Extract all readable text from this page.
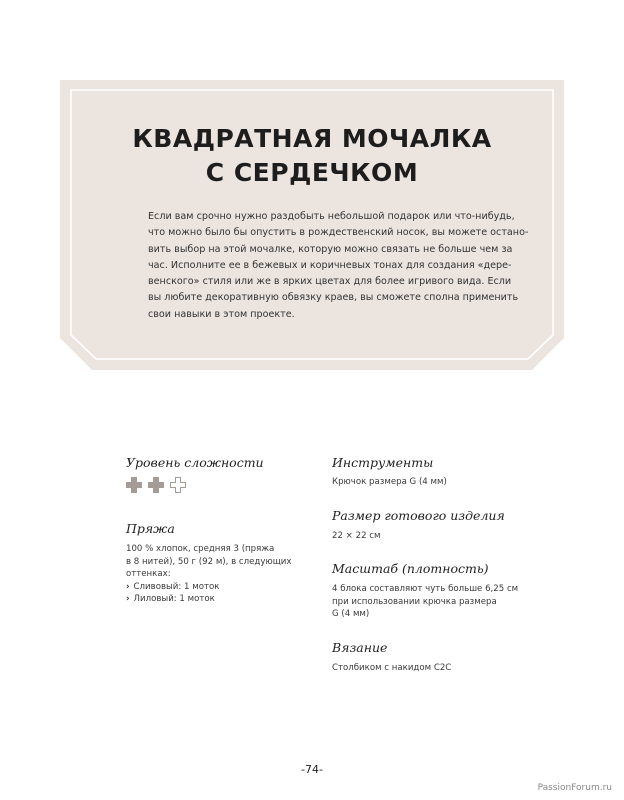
КВАДРАТНАЯ МОЧАЛКА
С СЕРДЕЧКОМ
Если вам срочно нужно раздобыть небольшой подарок или что-нибудь,
что можно было бы опустить в рождественский носок, вы можете остано-
вить выбор на этой мочалке, которую можно связать не больше чем за
час. Исполните ее в бежевых и коричневых тонах для создания «дере-
венского» стиля или же в ярких цветах для более игривого вида. Если
вы любите декоративную обвязку краев, вы сможете сполна применить
свои навыки в этом проекте.
Уровень сложности
Пряжа
100 % хлопок, средняя 3 (пряжа
в 8 нитей), 50 г (92 м), в следующих
оттенках:
› Сливовый: 1 моток
› Лиловый: 1 моток
Инструменты
Крючок размера G (4 мм)
Размер готового изделия
22 × 22 см
Масштаб (плотность)
4 блока составляют чуть больше 6,25 см
при использовании крючка размера
G (4 мм)
Вязание
Столбиком с накидом С2С
-74-
PassionForum.ru
